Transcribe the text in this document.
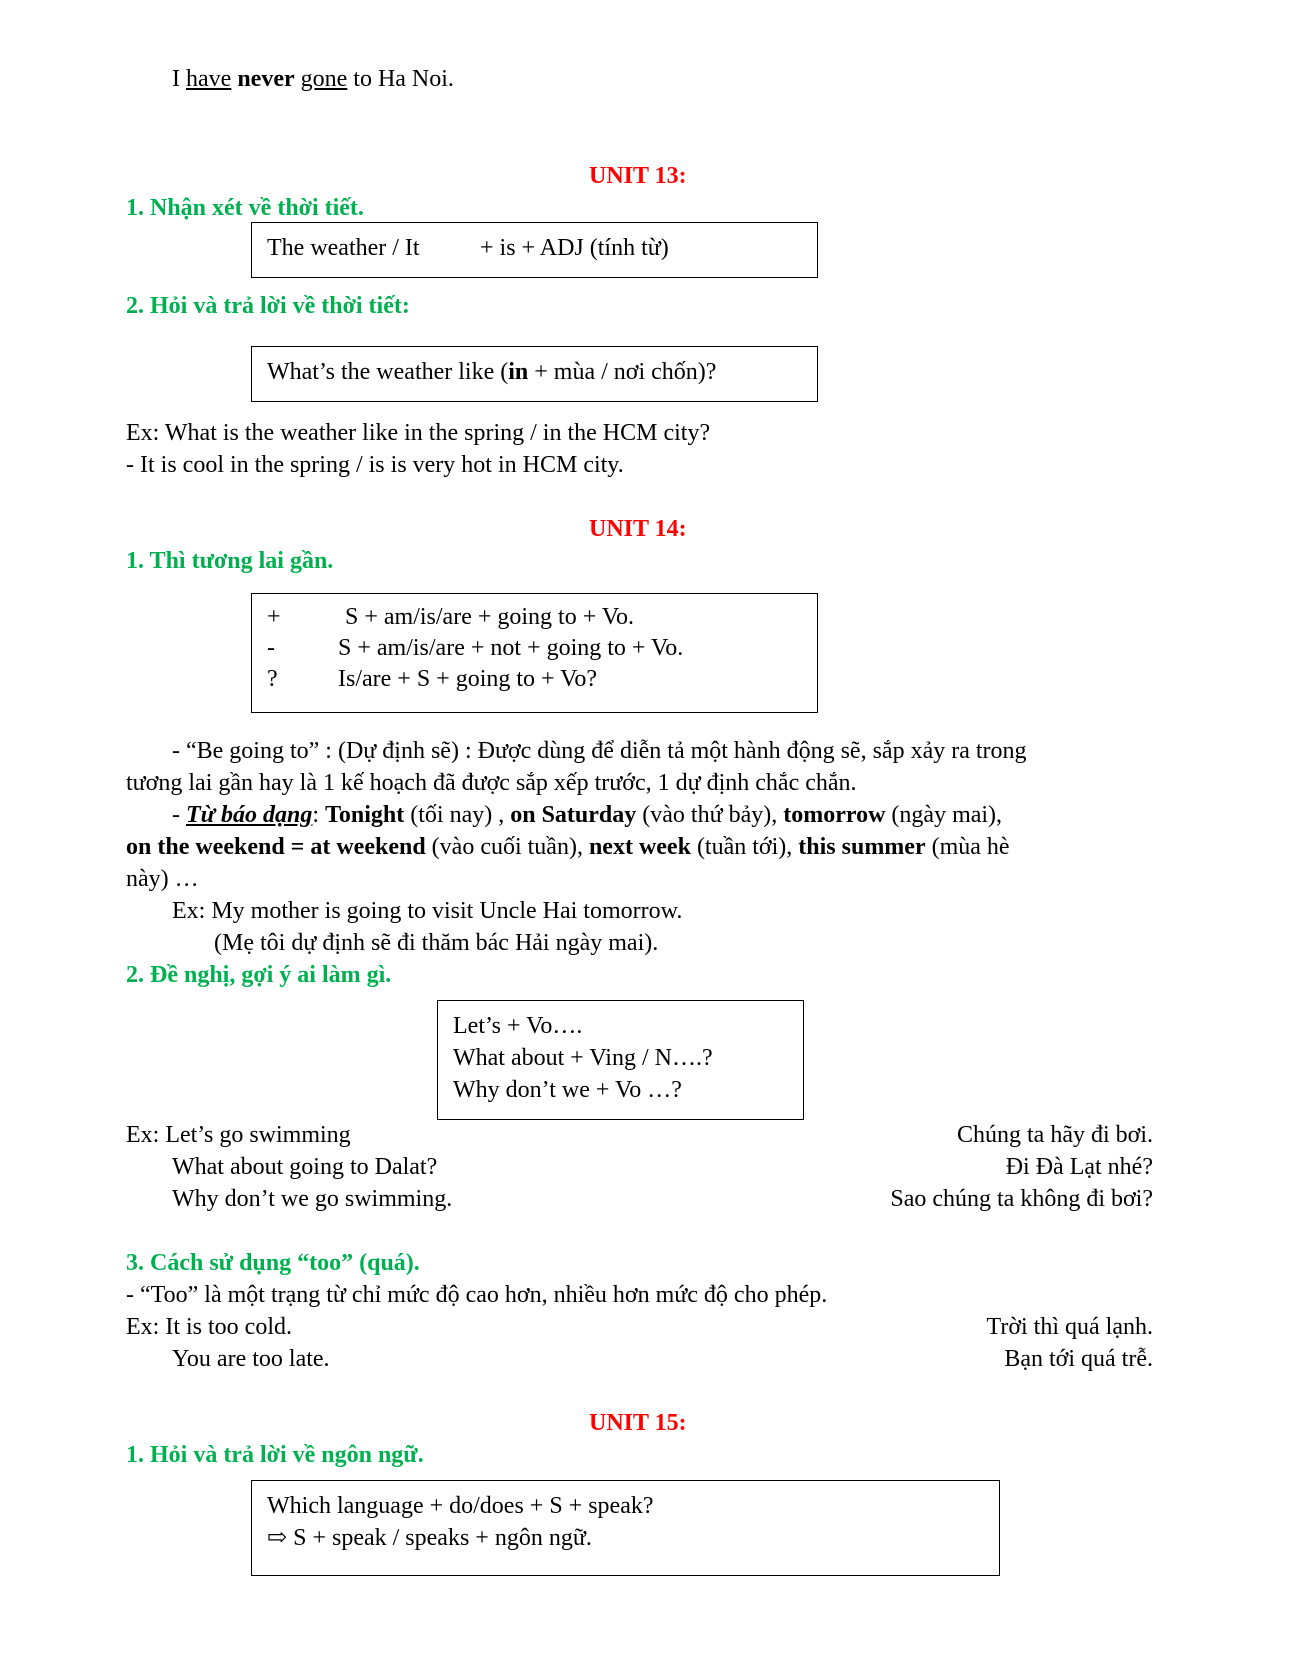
I have never gone to Ha Noi.
UNIT 13:
1. Nhận xét về thời tiết.
The weather / It	+ is + ADJ (tính từ)
2. Hỏi và trả lời về thời tiết:
What’s the weather like (in + mùa / nơi chốn)?
Ex: What is the weather like in the spring / in the HCM city?
- It is cool in the spring / is is very hot in HCM city.
UNIT 14:
1. Thì tương lai gần.
+	S + am/is/are + going to + Vo.
-	S + am/is/are + not + going to + Vo.
?	Is/are + S + going to + Vo?
- “Be going to” : (Dự định sẽ) : Được dùng để diễn tả một hành động sẽ, sắp xảy ra trong
tương lai gần hay là 1 kế hoạch đã được sắp xếp trước, 1 dự định chắc chắn.
- Từ báo dạng: Tonight (tối nay) , on Saturday (vào thứ bảy), tomorrow (ngày mai),
on the weekend = at weekend (vào cuối tuần), next week (tuần tới), this summer (mùa hè
này) …
Ex: My mother is going to visit Uncle Hai tomorrow.
(Mẹ tôi dự định sẽ đi thăm bác Hải ngày mai).
2. Đề nghị, gợi ý ai làm gì.
Let’s + Vo….
What about + Ving / N….?
Why don’t we + Vo …?
Ex: Let’s go swimming	Chúng ta hãy đi bơi.
What about going to Dalat?	Đi Đà Lạt nhé?
Why don’t we go swimming.	Sao chúng ta không đi bơi?
3. Cách sử dụng “too” (quá).
- “Too” là một trạng từ chỉ mức độ cao hơn, nhiều hơn mức độ cho phép.
Ex: It is too cold.	Trời thì quá lạnh.
You are too late.	Bạn tới quá trễ.
UNIT 15:
1. Hỏi và trả lời về ngôn ngữ.
Which language + do/does + S + speak?
⇨ S + speak / speaks + ngôn ngữ.
